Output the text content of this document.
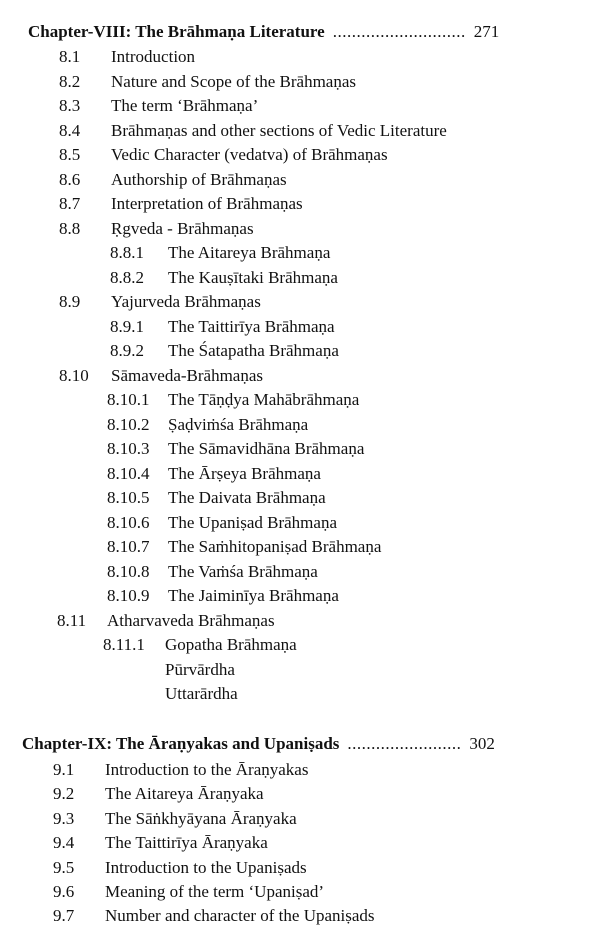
Chapter-VIII: The Brāhmaṇa Literature ............................ 271
8.1 Introduction
8.2 Nature and Scope of the Brāhmaṇas
8.3 The term ‘Brāhmaṇa’
8.4 Brāhmaṇas and other sections of Vedic Literature
8.5 Vedic Character (vedatva) of Brāhmaṇas
8.6 Authorship of Brāhmaṇas
8.7 Interpretation of Brāhmaṇas
8.8 Ṛgveda - Brāhmaṇas
8.8.1 The Aitareya Brāhmaṇa
8.8.2 The Kauṣītaki Brāhmaṇa
8.9 Yajurveda Brāhmaṇas
8.9.1 The Taittirīya Brāhmaṇa
8.9.2 The Śatapatha Brāhmaṇa
8.10 Sāmaveda-Brāhmaṇas
8.10.1 The Tāṇḍya Mahābrāhmaṇa
8.10.2 Ṣaḍviṁśa Brāhmaṇa
8.10.3 The Sāmavidhāna Brāhmaṇa
8.10.4 The Ārṣeya Brāhmaṇa
8.10.5 The Daivata Brāhmaṇa
8.10.6 The Upaniṣad Brāhmaṇa
8.10.7 The Saṁhitopaniṣad Brāhmaṇa
8.10.8 The Vaṁśa Brāhmaṇa
8.10.9 The Jaiminīya Brāhmaṇa
8.11 Atharvaveda Brāhmaṇas
8.11.1 Gopatha Brāhmaṇa
Pūrvārdha
Uttarārdha
Chapter-IX: The Āraṇyakas and Upaniṣads ........................ 302
9.1 Introduction to the Āraṇyakas
9.2 The Aitareya Āraṇyaka
9.3 The Sāṅkhyāyana Āraṇyaka
9.4 The Taittirīya Āraṇyaka
9.5 Introduction to the Upaniṣads
9.6 Meaning of the term ‘Upaniṣad’
9.7 Number and character of the Upaniṣads
